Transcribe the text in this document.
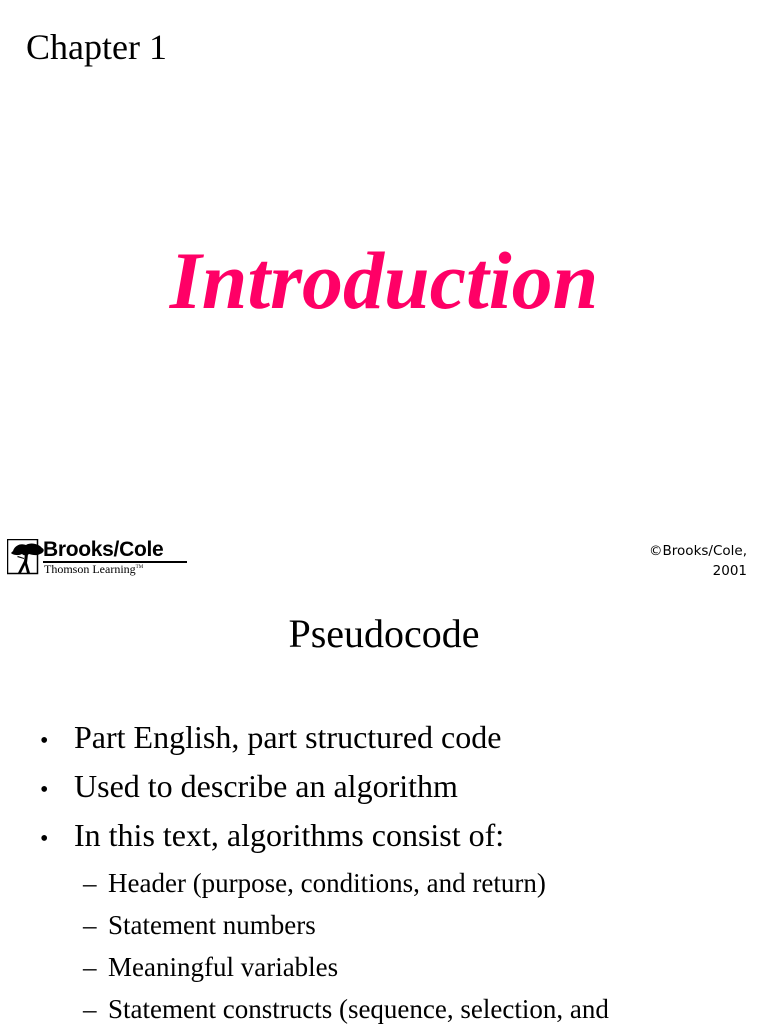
Chapter 1
Introduction
Brooks/Cole
Thomson Learning™
©Brooks/Cole,
2001
Pseudocode
• Part English, part structured code
• Used to describe an algorithm
• In this text, algorithms consist of:
– Header (purpose, conditions, and return)
– Statement numbers
– Meaningful variables
– Statement constructs (sequence, selection, and
